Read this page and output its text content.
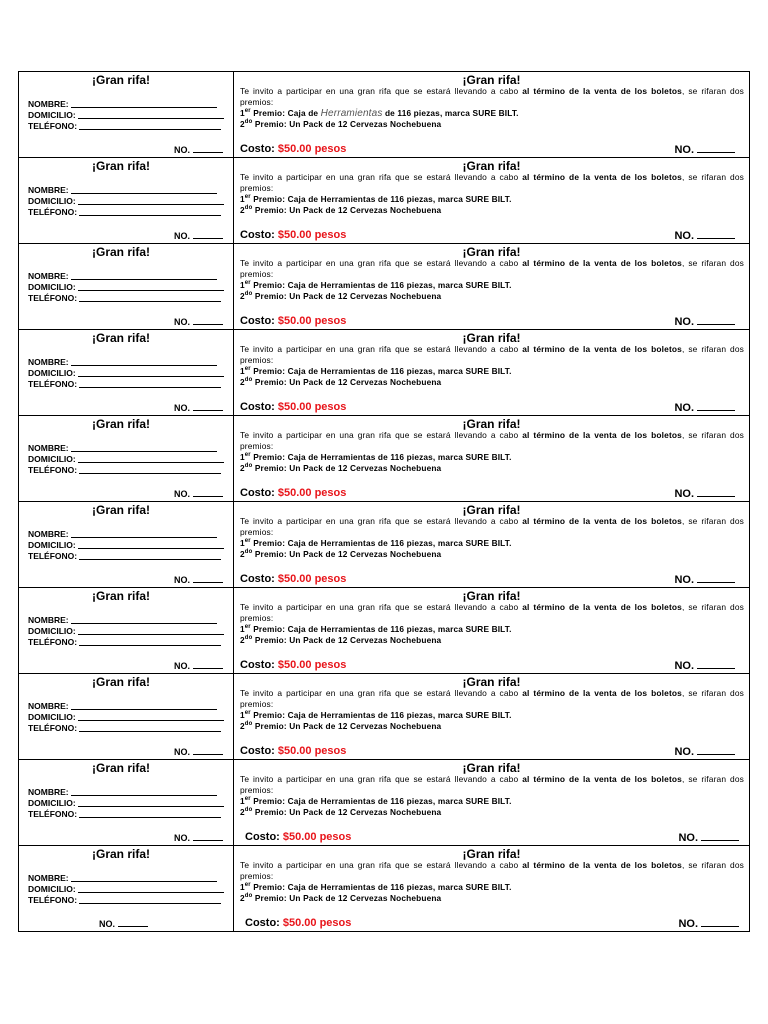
¡Gran rifa!
NOMBRE:
DOMICILIO:
TELÉFONO:
NO.
¡Gran rifa!
Te invito a participar en una gran rifa que se estará llevando a cabo al término de la venta de los boletos, se rifaran dos premios:
1er Premio: Caja de Herramientas de 116 piezas, marca SURE BILT.
$2^{do}$ Premio: Un Pack de 12 Cervezas Nochebuena
Costo: $50.00 pesos	NO.
¡Gran rifa!
NOMBRE:
DOMICILIO:
TELÉFONO:
NO.
¡Gran rifa!
Te invito a participar en una gran rifa que se estará llevando a cabo al término de la venta de los boletos, se rifaran dos premios:
1er Premio: Caja de Herramientas de 116 piezas, marca SURE BILT.
$2^{do}$ Premio: Un Pack de 12 Cervezas Nochebuena
Costo: $50.00 pesos	NO.
¡Gran rifa!
NOMBRE:
DOMICILIO:
TELÉFONO:
NO.
¡Gran rifa!
Te invito a participar en una gran rifa que se estará llevando a cabo al término de la venta de los boletos, se rifaran dos premios:
1er Premio: Caja de Herramientas de 116 piezas, marca SURE BILT.
$2^{do}$ Premio: Un Pack de 12 Cervezas Nochebuena
Costo: $50.00 pesos	NO.
¡Gran rifa!
NOMBRE:
DOMICILIO:
TELÉFONO:
NO.
¡Gran rifa!
Te invito a participar en una gran rifa que se estará llevando a cabo al término de la venta de los boletos, se rifaran dos premios:
1er Premio: Caja de Herramientas de 116 piezas, marca SURE BILT.
$2^{do}$ Premio: Un Pack de 12 Cervezas Nochebuena
Costo: $50.00 pesos	NO.
¡Gran rifa!
NOMBRE:
DOMICILIO:
TELÉFONO:
NO.
¡Gran rifa!
Te invito a participar en una gran rifa que se estará llevando a cabo al término de la venta de los boletos, se rifaran dos premios:
1er Premio: Caja de Herramientas de 116 piezas, marca SURE BILT.
$2^{do}$ Premio: Un Pack de 12 Cervezas Nochebuena
Costo: $50.00 pesos	NO.
¡Gran rifa!
NOMBRE:
DOMICILIO:
TELÉFONO:
NO.
¡Gran rifa!
Te invito a participar en una gran rifa que se estará llevando a cabo al término de la venta de los boletos, se rifaran dos premios:
1er Premio: Caja de Herramientas de 116 piezas, marca SURE BILT.
$2^{do}$ Premio: Un Pack de 12 Cervezas Nochebuena
Costo: $50.00 pesos	NO.
¡Gran rifa!
NOMBRE:
DOMICILIO:
TELÉFONO:
NO.
¡Gran rifa!
Te invito a participar en una gran rifa que se estará llevando a cabo al término de la venta de los boletos, se rifaran dos premios:
1er Premio: Caja de Herramientas de 116 piezas, marca SURE BILT.
$2^{do}$ Premio: Un Pack de 12 Cervezas Nochebuena
Costo: $50.00 pesos	NO.
¡Gran rifa!
NOMBRE:
DOMICILIO:
TELÉFONO:
NO.
¡Gran rifa!
Te invito a participar en una gran rifa que se estará llevando a cabo al término de la venta de los boletos, se rifaran dos premios:
1er Premio: Caja de Herramientas de 116 piezas, marca SURE BILT.
$2^{do}$ Premio: Un Pack de 12 Cervezas Nochebuena
Costo: $50.00 pesos	NO.
¡Gran rifa!
NOMBRE:
DOMICILIO:
TELÉFONO:
NO.
¡Gran rifa!
Te invito a participar en una gran rifa que se estará llevando a cabo al término de la venta de los boletos, se rifaran dos premios:
1er Premio: Caja de Herramientas de 116 piezas, marca SURE BILT.
$2^{do}$ Premio: Un Pack de 12 Cervezas Nochebuena
Costo: $50.00 pesos	NO.
¡Gran rifa!
NOMBRE:
DOMICILIO:
TELÉFONO:
NO.
¡Gran rifa!
Te invito a participar en una gran rifa que se estará llevando a cabo al término de la venta de los boletos, se rifaran dos premios:
1er Premio: Caja de Herramientas de 116 piezas, marca SURE BILT.
$2^{do}$ Premio: Un Pack de 12 Cervezas Nochebuena
Costo: $50.00 pesos	NO.
